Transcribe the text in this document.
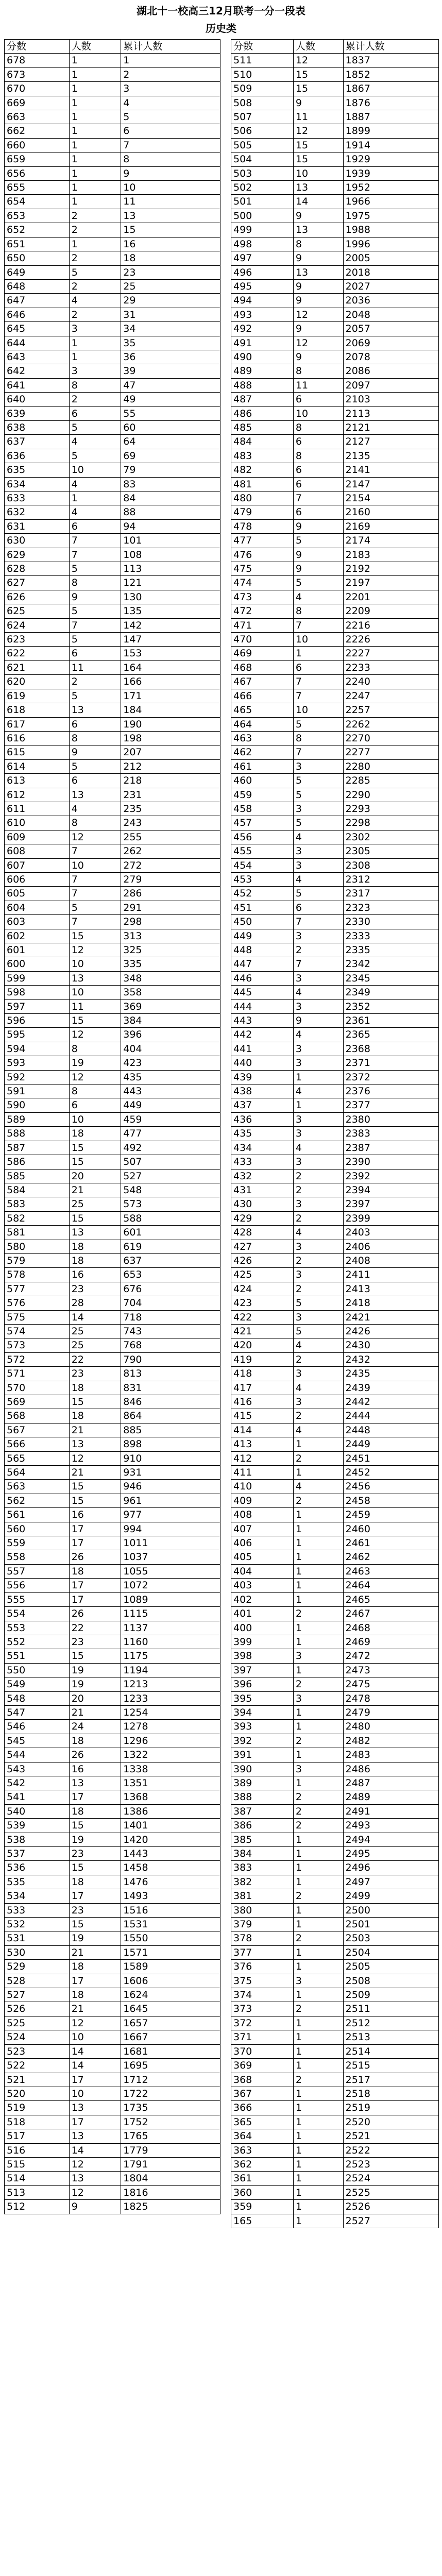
湖北十一校高三12月联考一分一段表
历史类
分数	人数	累计人数
678	1	1
673	1	2
670	1	3
669	1	4
663	1	5
662	1	6
660	1	7
659	1	8
656	1	9
655	1	10
654	1	11
653	2	13
652	2	15
651	1	16
650	2	18
649	5	23
648	2	25
647	4	29
646	2	31
645	3	34
644	1	35
643	1	36
642	3	39
641	8	47
640	2	49
639	6	55
638	5	60
637	4	64
636	5	69
635	10	79
634	4	83
633	1	84
632	4	88
631	6	94
630	7	101
629	7	108
628	5	113
627	8	121
626	9	130
625	5	135
624	7	142
623	5	147
622	6	153
621	11	164
620	2	166
619	5	171
618	13	184
617	6	190
616	8	198
615	9	207
614	5	212
613	6	218
612	13	231
611	4	235
610	8	243
609	12	255
608	7	262
607	10	272
606	7	279
605	7	286
604	5	291
603	7	298
602	15	313
601	12	325
600	10	335
599	13	348
598	10	358
597	11	369
596	15	384
595	12	396
594	8	404
593	19	423
592	12	435
591	8	443
590	6	449
589	10	459
588	18	477
587	15	492
586	15	507
585	20	527
584	21	548
583	25	573
582	15	588
581	13	601
580	18	619
579	18	637
578	16	653
577	23	676
576	28	704
575	14	718
574	25	743
573	25	768
572	22	790
571	23	813
570	18	831
569	15	846
568	18	864
567	21	885
566	13	898
565	12	910
564	21	931
563	15	946
562	15	961
561	16	977
560	17	994
559	17	1011
558	26	1037
557	18	1055
556	17	1072
555	17	1089
554	26	1115
553	22	1137
552	23	1160
551	15	1175
550	19	1194
549	19	1213
548	20	1233
547	21	1254
546	24	1278
545	18	1296
544	26	1322
543	16	1338
542	13	1351
541	17	1368
540	18	1386
539	15	1401
538	19	1420
537	23	1443
536	15	1458
535	18	1476
534	17	1493
533	23	1516
532	15	1531
531	19	1550
530	21	1571
529	18	1589
528	17	1606
527	18	1624
526	21	1645
525	12	1657
524	10	1667
523	14	1681
522	14	1695
521	17	1712
520	10	1722
519	13	1735
518	17	1752
517	13	1765
516	14	1779
515	12	1791
514	13	1804
513	12	1816
512	9	1825
分数	人数	累计人数
511	12	1837
510	15	1852
509	15	1867
508	9	1876
507	11	1887
506	12	1899
505	15	1914
504	15	1929
503	10	1939
502	13	1952
501	14	1966
500	9	1975
499	13	1988
498	8	1996
497	9	2005
496	13	2018
495	9	2027
494	9	2036
493	12	2048
492	9	2057
491	12	2069
490	9	2078
489	8	2086
488	11	2097
487	6	2103
486	10	2113
485	8	2121
484	6	2127
483	8	2135
482	6	2141
481	6	2147
480	7	2154
479	6	2160
478	9	2169
477	5	2174
476	9	2183
475	9	2192
474	5	2197
473	4	2201
472	8	2209
471	7	2216
470	10	2226
469	1	2227
468	6	2233
467	7	2240
466	7	2247
465	10	2257
464	5	2262
463	8	2270
462	7	2277
461	3	2280
460	5	2285
459	5	2290
458	3	2293
457	5	2298
456	4	2302
455	3	2305
454	3	2308
453	4	2312
452	5	2317
451	6	2323
450	7	2330
449	3	2333
448	2	2335
447	7	2342
446	3	2345
445	4	2349
444	3	2352
443	9	2361
442	4	2365
441	3	2368
440	3	2371
439	1	2372
438	4	2376
437	1	2377
436	3	2380
435	3	2383
434	4	2387
433	3	2390
432	2	2392
431	2	2394
430	3	2397
429	2	2399
428	4	2403
427	3	2406
426	2	2408
425	3	2411
424	2	2413
423	5	2418
422	3	2421
421	5	2426
420	4	2430
419	2	2432
418	3	2435
417	4	2439
416	3	2442
415	2	2444
414	4	2448
413	1	2449
412	2	2451
411	1	2452
410	4	2456
409	2	2458
408	1	2459
407	1	2460
406	1	2461
405	1	2462
404	1	2463
403	1	2464
402	1	2465
401	2	2467
400	1	2468
399	1	2469
398	3	2472
397	1	2473
396	2	2475
395	3	2478
394	1	2479
393	1	2480
392	2	2482
391	1	2483
390	3	2486
389	1	2487
388	2	2489
387	2	2491
386	2	2493
385	1	2494
384	1	2495
383	1	2496
382	1	2497
381	2	2499
380	1	2500
379	1	2501
378	2	2503
377	1	2504
376	1	2505
375	3	2508
374	1	2509
373	2	2511
372	1	2512
371	1	2513
370	1	2514
369	1	2515
368	2	2517
367	1	2518
366	1	2519
365	1	2520
364	1	2521
363	1	2522
362	1	2523
361	1	2524
360	1	2525
359	1	2526
165	1	2527
